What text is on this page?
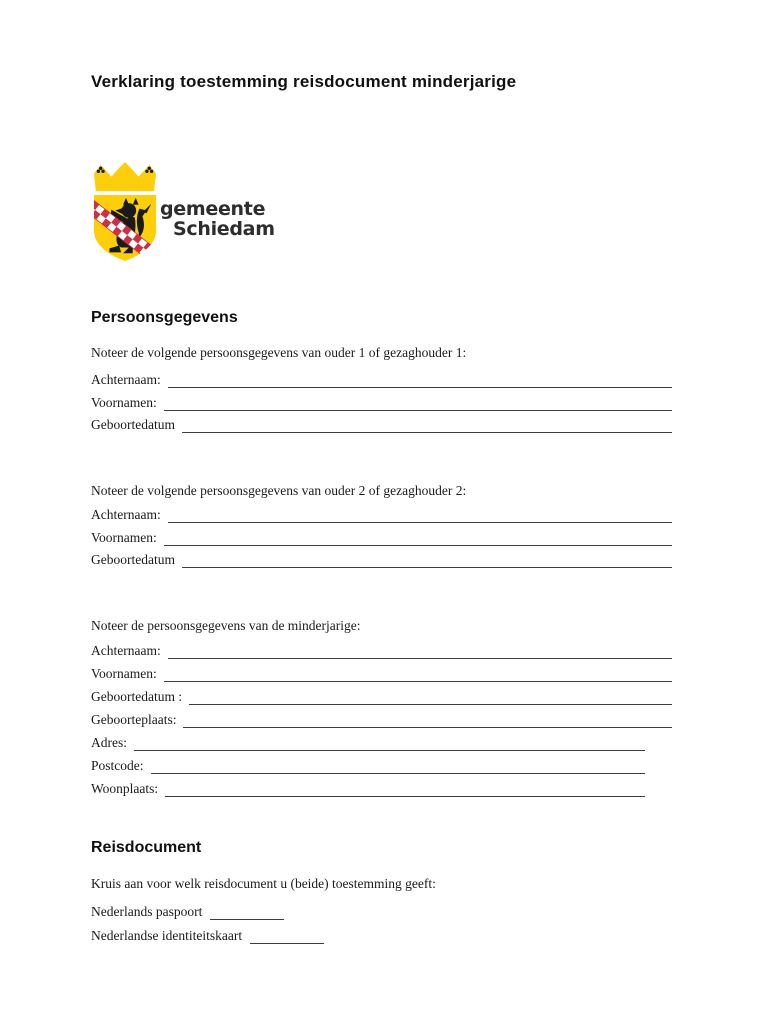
Verklaring toestemming reisdocument minderjarige
gemeente
Schiedam
Persoonsgegevens

Noteer de volgende persoonsgegevens van ouder 1 of gezaghouder 1:

Achternaam:
Voornamen:
Geboortedatum

Noteer de volgende persoonsgegevens van ouder 2 of gezaghouder 2:

Achternaam:
Voornamen:
Geboortedatum

Noteer de persoonsgegevens van de minderjarige:

Achternaam:
Voornamen:
Geboortedatum :
Geboorteplaats:
Adres:
Postcode:
Woonplaats:
Reisdocument

Kruis aan voor welk reisdocument u (beide) toestemming geeft:

Nederlands paspoort
Nederlandse identiteitskaart
